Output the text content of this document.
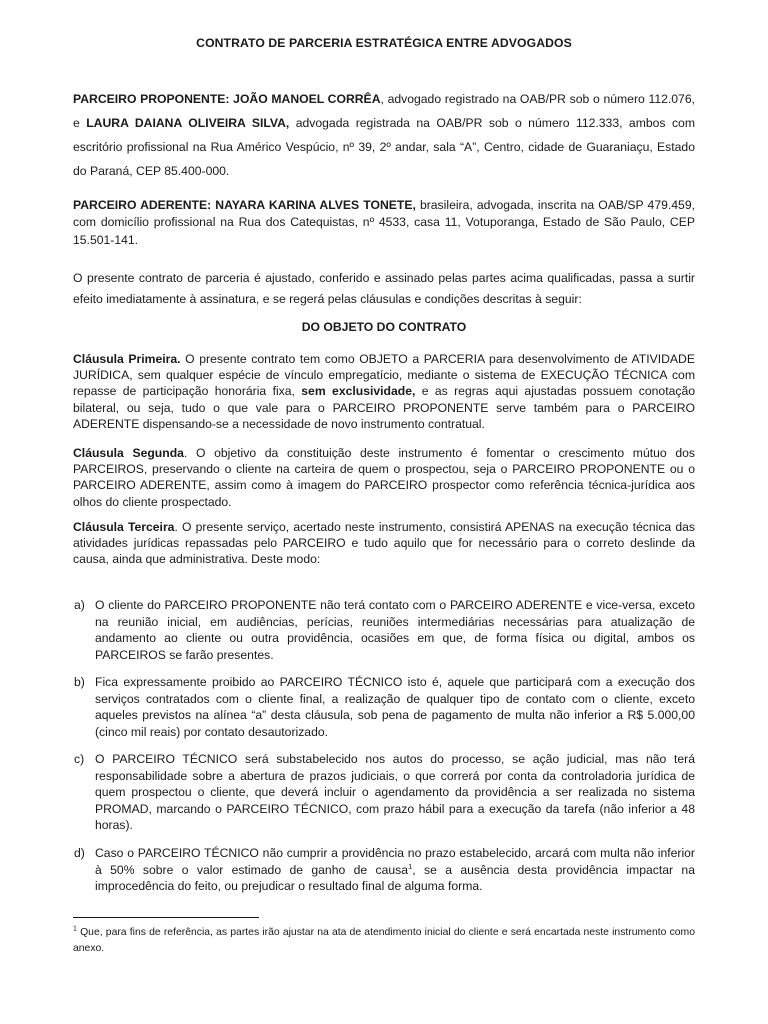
CONTRATO DE PARCERIA ESTRATÉGICA ENTRE ADVOGADOS
PARCEIRO PROPONENTE: JOÃO MANOEL CORRÊA, advogado registrado na OAB/PR sob o número 112.076, e LAURA DAIANA OLIVEIRA SILVA, advogada registrada na OAB/PR sob o número 112.333, ambos com escritório profissional na Rua Américo Vespúcio, nº 39, 2º andar, sala “A”, Centro, cidade de Guaraniaçu, Estado do Paraná, CEP 85.400-000.
PARCEIRO ADERENTE: NAYARA KARINA ALVES TONETE, brasileira, advogada, inscrita na OAB/SP 479.459, com domicílio profissional na Rua dos Catequistas, nº 4533, casa 11, Votuporanga, Estado de São Paulo, CEP 15.501-141.
O presente contrato de parceria é ajustado, conferido e assinado pelas partes acima qualificadas, passa a surtir efeito imediatamente à assinatura, e se regerá pelas cláusulas e condições descritas à seguir:
DO OBJETO DO CONTRATO
Cláusula Primeira. O presente contrato tem como OBJETO a PARCERIA para desenvolvimento de ATIVIDADE JURÍDICA, sem qualquer espécie de vínculo empregatício, mediante o sistema de EXECUÇÃO TÉCNICA com repasse de participação honorária fixa, sem exclusividade, e as regras aqui ajustadas possuem conotação bilateral, ou seja, tudo o que vale para o PARCEIRO PROPONENTE serve também para o PARCEIRO ADERENTE dispensando-se a necessidade de novo instrumento contratual.
Cláusula Segunda. O objetivo da constituição deste instrumento é fomentar o crescimento mútuo dos PARCEIROS, preservando o cliente na carteira de quem o prospectou, seja o PARCEIRO PROPONENTE ou o PARCEIRO ADERENTE, assim como à imagem do PARCEIRO prospector como referência técnica-jurídica aos olhos do cliente prospectado.
Cláusula Terceira. O presente serviço, acertado neste instrumento, consistirá APENAS na execução técnica das atividades jurídicas repassadas pelo PARCEIRO e tudo aquilo que for necessário para o correto deslinde da causa, ainda que administrativa. Deste modo:
a) O cliente do PARCEIRO PROPONENTE não terá contato com o PARCEIRO ADERENTE e vice-versa, exceto na reunião inicial, em audiências, perícias, reuniões intermediárias necessárias para atualização de andamento ao cliente ou outra providência, ocasiões em que, de forma física ou digital, ambos os PARCEIROS se farão presentes.
b) Fica expressamente proibido ao PARCEIRO TÉCNICO isto é, aquele que participará com a execução dos serviços contratados com o cliente final, a realização de qualquer tipo de contato com o cliente, exceto aqueles previstos na alínea “a” desta cláusula, sob pena de pagamento de multa não inferior a R$ 5.000,00 (cinco mil reais) por contato desautorizado.
c) O PARCEIRO TÉCNICO será substabelecido nos autos do processo, se ação judicial, mas não terá responsabilidade sobre a abertura de prazos judiciais, o que correrá por conta da controladoria jurídica de quem prospectou o cliente, que deverá incluir o agendamento da providência a ser realizada no sistema PROMAD, marcando o PARCEIRO TÉCNICO, com prazo hábil para a execução da tarefa (não inferior a 48 horas).
d) Caso o PARCEIRO TÉCNICO não cumprir a providência no prazo estabelecido, arcará com multa não inferior à 50% sobre o valor estimado de ganho de causa$^1$, se a ausência desta providência impactar na improcedência do feito, ou prejudicar o resultado final de alguma forma.
$^1$ Que, para fins de referência, as partes irão ajustar na ata de atendimento inicial do cliente e será encartada neste instrumento como anexo.
